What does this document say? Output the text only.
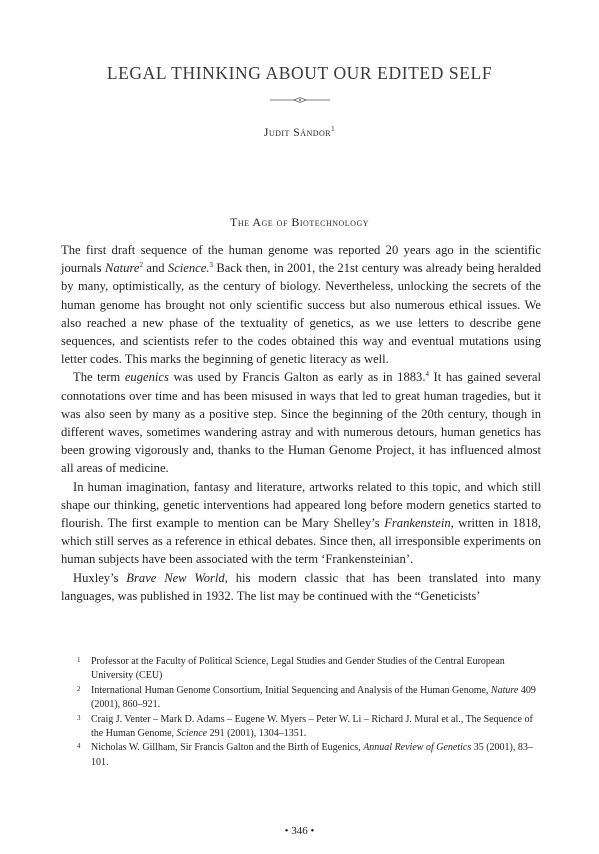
LEGAL THINKING ABOUT OUR EDITED SELF
Judit Sándor$^1$
The Age of Biotechnology

The first draft sequence of the human genome was reported 20 years ago in the scientific journals Nature$^2$ and Science.$^3$ Back then, in 2001, the 21st century was already being heralded by many, optimistically, as the century of biology. Nevertheless, unlocking the secrets of the human genome has brought not only scientific success but also numerous ethical issues. We also reached a new phase of the textuality of genetics, as we use letters to describe gene sequences, and scientists refer to the codes obtained this way and eventual mutations using letter codes. This marks the beginning of genetic literacy as well.

The term eugenics was used by Francis Galton as early as in 1883.$^4$ It has gained several connotations over time and has been misused in ways that led to great human tragedies, but it was also seen by many as a positive step. Since the beginning of the 20th century, though in different waves, sometimes wandering astray and with numerous detours, human genetics has been growing vigorously and, thanks to the Human Genome Project, it has influenced almost all areas of medicine.

In human imagination, fantasy and literature, artworks related to this topic, and which still shape our thinking, genetic interventions had appeared long before modern genetics started to flourish. The first example to mention can be Mary Shelley’s Frankenstein, written in 1818, which still serves as a reference in ethical debates. Since then, all irresponsible experiments on human subjects have been associated with the term ‘Frankensteinian’.

Huxley’s Brave New World, his modern classic that has been translated into many languages, was published in 1932. The list may be continued with the “Geneticists’

1 Professor at the Faculty of Political Science, Legal Studies and Gender Studies of the Central European University (CEU)

2 International Human Genome Consortium, Initial Sequencing and Analysis of the Human Genome, Nature 409 (2001), 860–921.

3 Craig J. Venter – Mark D. Adams – Eugene W. Myers – Peter W. Li – Richard J. Mural et al., The Sequence of the Human Genome, Science 291 (2001), 1304–1351.

4 Nicholas W. Gillham, Sir Francis Galton and the Birth of Eugenics, Annual Review of Genetics 35 (2001), 83–101.

• 346 •
